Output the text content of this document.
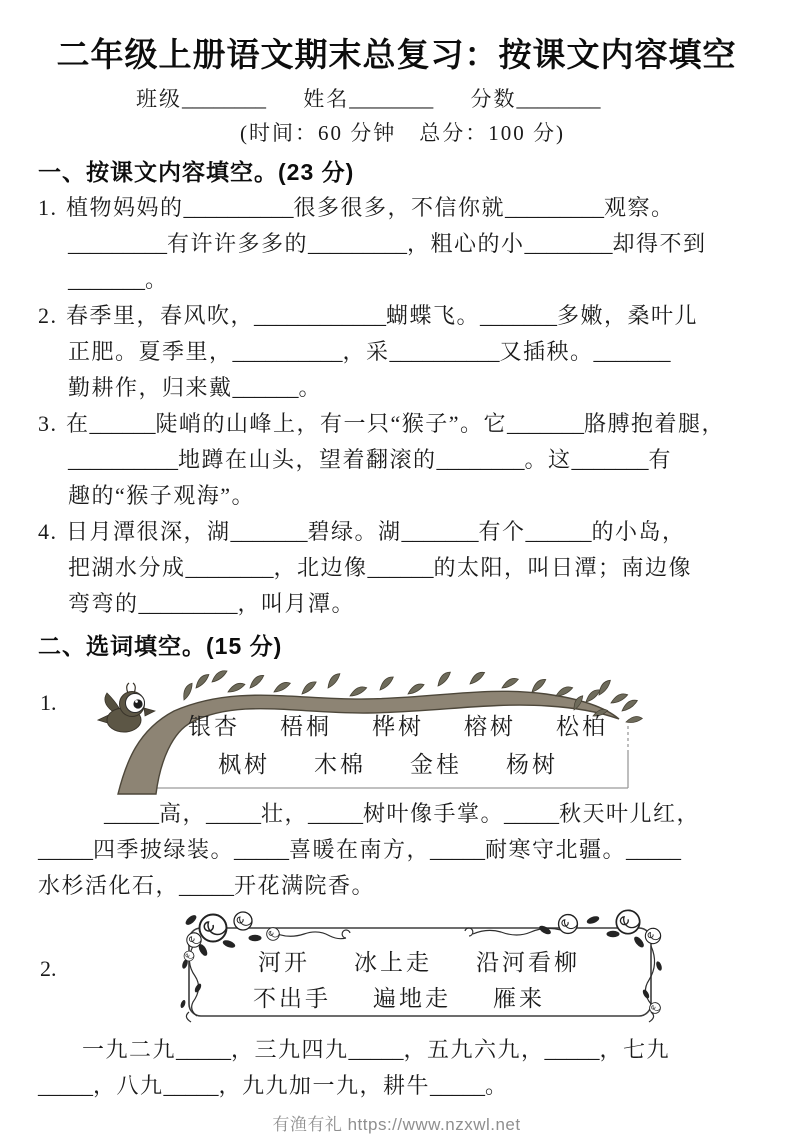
二年级上册语文期末总复习：按课文内容填空
班级________ 姓名________ 分数________
(时间：60 分钟　总分：100 分)
一、按课文内容填空。(23 分)
1. 植物妈妈的__________很多很多，不信你就_________观察。
_________有许许多多的_________，粗心的小________却得不到
_______。
2. 春季里，春风吹，____________蝴蝶飞。_______多嫩，桑叶儿
正肥。夏季里，__________，采__________又插秧。_______
勤耕作，归来戴______。
3. 在______陡峭的山峰上，有一只“猴子”。它_______胳膊抱着腿，
__________地蹲在山头，望着翻滚的________。这_______有
趣的“猴子观海”。
4. 日月潭很深，湖_______碧绿。湖_______有个______的小岛，
把湖水分成________，北边像______的太阳，叫日潭；南边像
弯弯的_________，叫月潭。
二、选词填空。(15 分)
1.
银杏 梧桐 桦树 榕树 松柏
枫树 木棉 金桂 杨树
_____高，_____壮，_____树叶像手掌。_____秋天叶儿红，
_____四季披绿装。_____喜暖在南方，_____耐寒守北疆。_____
水杉活化石，_____开花满院香。
2.	河开 冰上走 沿河看柳
不出手 遍地走 雁来
一九二九_____，三九四九_____，五九六九，_____，七九
_____，八九_____，九九加一九，耕牛_____。
有渔有礼 https://www.nzxwl.net
